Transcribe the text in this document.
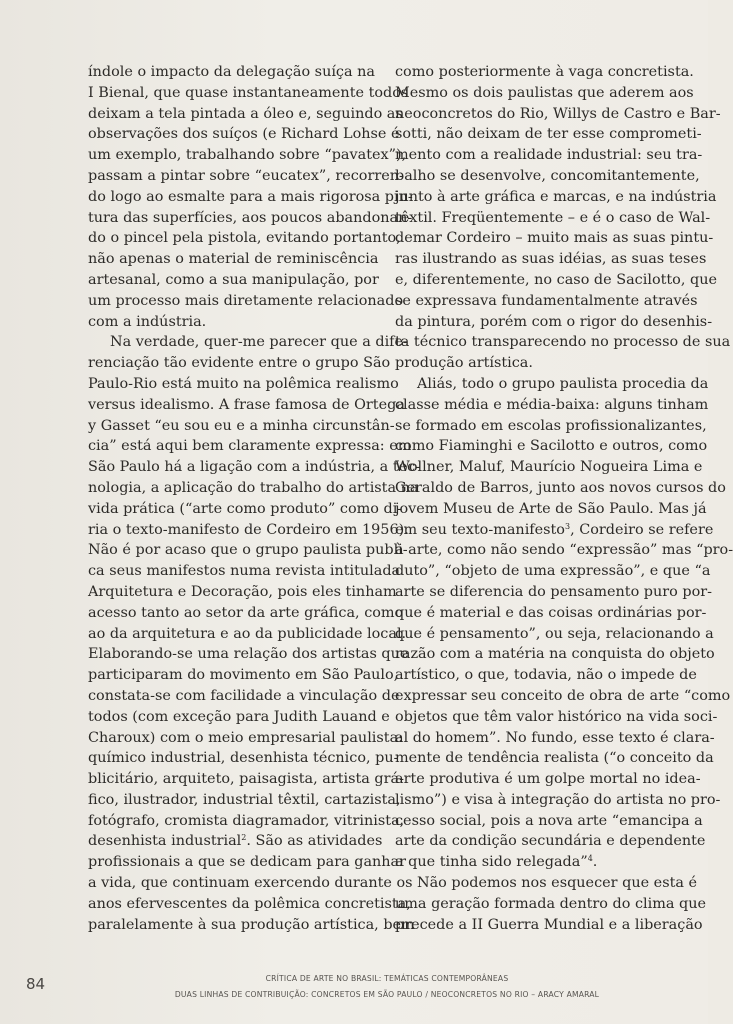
índole o impacto da delegação suíça na
I Bienal, que quase instantaneamente todos
deixam a tela pintada a óleo e, seguindo as
observações dos suíços (e Richard Lohse é
um exemplo, trabalhando sobre “pavatex”),
passam a pintar sobre “eucatex”, recorren-
do logo ao esmalte para a mais rigorosa pin-
tura das superfícies, aos poucos abandonan-
do o pincel pela pistola, evitando portanto,
não apenas o material de reminiscência
artesanal, como a sua manipulação, por
um processo mais diretamente relacionado
com a indústria.
Na verdade, quer-me parecer que a dife-
renciação tão evidente entre o grupo São
Paulo-Rio está muito na polêmica realismo
versus idealismo. A frase famosa de Ortega
y Gasset “eu sou eu e a minha circunstân-
cia” está aqui bem claramente expressa: em
São Paulo há a ligação com a indústria, a tec-
nologia, a aplicação do trabalho do artista na
vida prática (“arte como produto” como di-
ria o texto-manifesto de Cordeiro em 1956).
Não é por acaso que o grupo paulista publi-
ca seus manifestos numa revista intitulada
Arquitetura e Decoração, pois eles tinham
acesso tanto ao setor da arte gráfica, como
ao da arquitetura e ao da publicidade local.
Elaborando-se uma relação dos artistas que
participaram do movimento em São Paulo,
constata-se com facilidade a vinculação de
todos (com exceção para Judith Lauand e
Charoux) com o meio empresarial paulista:
químico industrial, desenhista técnico, pu-
blicitário, arquiteto, paisagista, artista grá-
fico, ilustrador, industrial têxtil, cartazista,
fotógrafo, cromista diagramador, vitrinista,
desenhista industrial$^2$. São as atividades
profissionais a que se dedicam para ganhar
a vida, que continuam exercendo durante os
anos efervescentes da polêmica concretista,
paralelamente à sua produção artística, bem
como posteriormente à vaga concretista.
Mesmo os dois paulistas que aderem aos
neoconcretos do Rio, Willys de Castro e Bar-
sotti, não deixam de ter esse comprometi-
mento com a realidade industrial: seu tra-
balho se desenvolve, concomitantemente,
junto à arte gráfica e marcas, e na indústria
têxtil. Freqüentemente – e é o caso de Wal-
demar Cordeiro – muito mais as suas pintu-
ras ilustrando as suas idéias, as suas teses
e, diferentemente, no caso de Sacilotto, que
se expressava fundamentalmente através
da pintura, porém com o rigor do desenhis-
ta técnico transparecendo no processo de sua
produção artística.
Aliás, todo o grupo paulista procedia da
classe média e média-baixa: alguns tinham
se formado em escolas profissionalizantes,
como Fiaminghi e Sacilotto e outros, como
Wollner, Maluf, Maurício Nogueira Lima e
Geraldo de Barros, junto aos novos cursos do
jovem Museu de Arte de São Paulo. Mas já
em seu texto-manifesto$^3$, Cordeiro se refere
à arte, como não sendo “expressão” mas “pro-
duto”, “objeto de uma expressão”, e que “a
arte se diferencia do pensamento puro por-
que é material e das coisas ordinárias por-
que é pensamento”, ou seja, relacionando a
razão com a matéria na conquista do objeto
artístico, o que, todavia, não o impede de
expressar seu conceito de obra de arte “como
objetos que têm valor histórico na vida soci-
al do homem”. No fundo, esse texto é clara-
mente de tendência realista (“o conceito da
arte produtiva é um golpe mortal no idea-
lismo”) e visa à integração do artista no pro-
cesso social, pois a nova arte “emancipa a
arte da condição secundária e dependente
a que tinha sido relegada”$^4$.
Não podemos nos esquecer que esta é
uma geração formada dentro do clima que
precede a II Guerra Mundial e a liberação
84	CRÍTICA DE ARTE NO BRASIL: TEMÁTICAS CONTEMPORÂNEAS
DUAS LINHAS DE CONTRIBUIÇÃO: CONCRETOS EM SÃO PAULO / NEOCONCRETOS NO RIO – ARACY AMARAL
